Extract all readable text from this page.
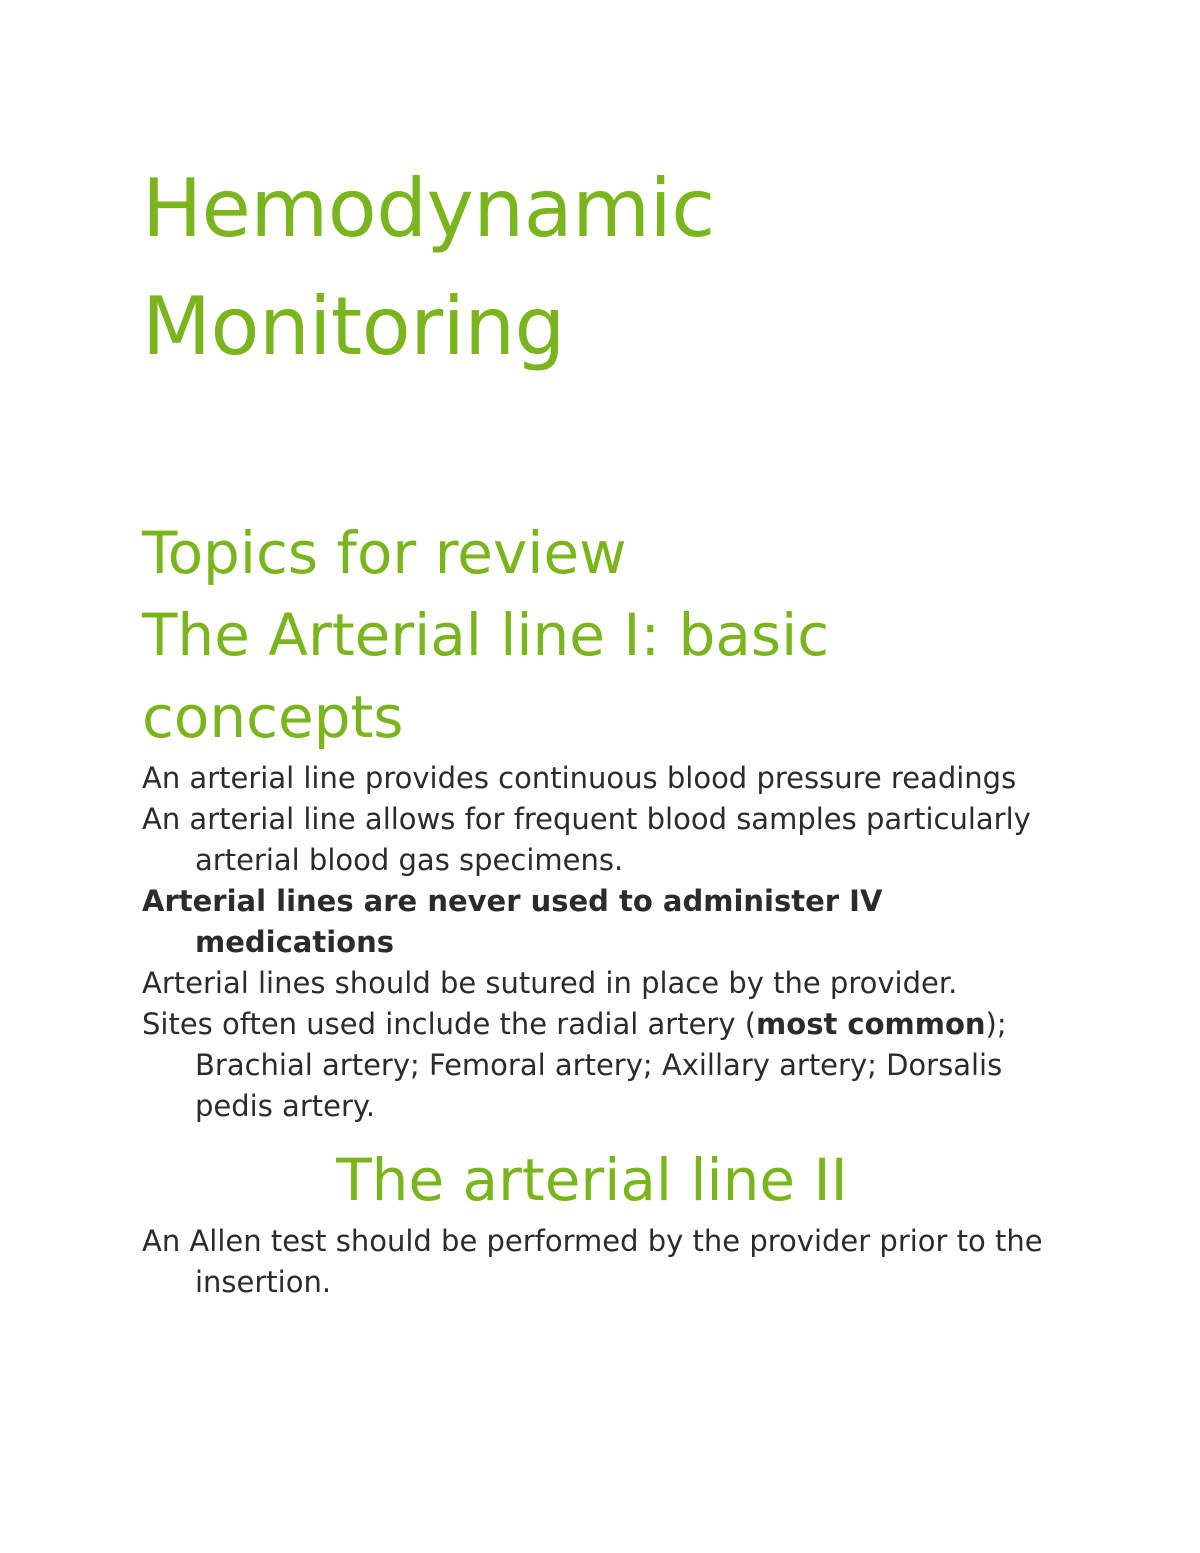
Hemodynamic
Monitoring
Topics for review
The Arterial line I: basic
concepts
An arterial line provides continuous blood pressure readings
An arterial line allows for frequent blood samples particularly arterial blood gas specimens.
Arterial lines are never used to administer IV medications
Arterial lines should be sutured in place by the provider.
Sites often used include the radial artery (most common); Brachial artery; Femoral artery; Axillary artery; Dorsalis pedis artery.
The arterial line II
An Allen test should be performed by the provider prior to the insertion.
